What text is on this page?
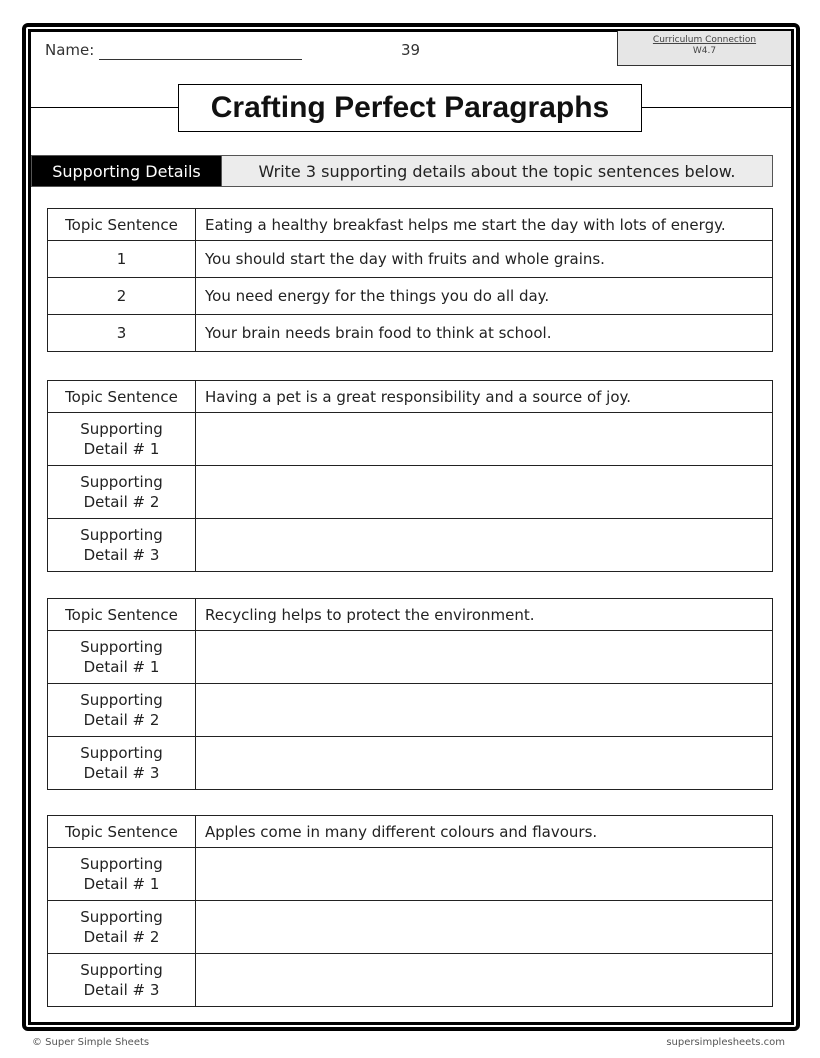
Name:	39
Curriculum Connection
W4.7
Crafting Perfect Paragraphs
Supporting Details	Write 3 supporting details about the topic sentences below.
Topic Sentence	Eating a healthy breakfast helps me start the day with lots of energy.
1	You should start the day with fruits and whole grains.
2	You need energy for the things you do all day.
3	Your brain needs brain food to think at school.
Topic Sentence	Having a pet is a great responsibility and a source of joy.
Supporting
Detail # 1	
Supporting
Detail # 2	
Supporting
Detail # 3	
Topic Sentence	Recycling helps to protect the environment.
Supporting
Detail # 1	
Supporting
Detail # 2	
Supporting
Detail # 3	
Topic Sentence	Apples come in many different colours and flavours.
Supporting
Detail # 1	
Supporting
Detail # 2	
Supporting
Detail # 3	
© Super Simple Sheets	supersimplesheets.com
